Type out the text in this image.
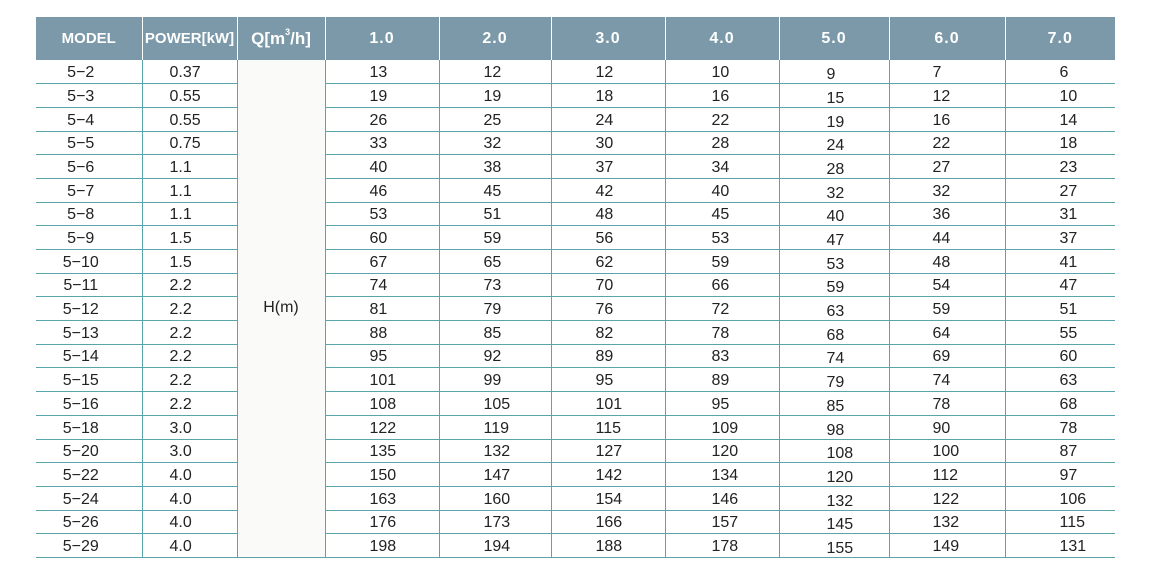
MODEL	POWER[kW]	$Q[m^3/h]$	1.0	2.0	3.0	4.0	5.0	6.0	7.0
5−2	0.37	H(m)	13	12	12	10	9	7	6
5−3	0.55		19	19	18	16	15	12	10
5−4	0.55		26	25	24	22	19	16	14
5−5	0.75		33	32	30	28	24	22	18
5−6	1.1		40	38	37	34	28	27	23
5−7	1.1		46	45	42	40	32	32	27
5−8	1.1		53	51	48	45	40	36	31
5−9	1.5		60	59	56	53	47	44	37
5−10	1.5		67	65	62	59	53	48	41
5−11	2.2		74	73	70	66	59	54	47
5−12	2.2		81	79	76	72	63	59	51
5−13	2.2		88	85	82	78	68	64	55
5−14	2.2		95	92	89	83	74	69	60
5−15	2.2		101	99	95	89	79	74	63
5−16	2.2		108	105	101	95	85	78	68
5−18	3.0		122	119	115	109	98	90	78
5−20	3.0		135	132	127	120	108	100	87
5−22	4.0		150	147	142	134	120	112	97
5−24	4.0		163	160	154	146	132	122	106
5−26	4.0		176	173	166	157	145	132	115
5−29	4.0		198	194	188	178	155	149	131
